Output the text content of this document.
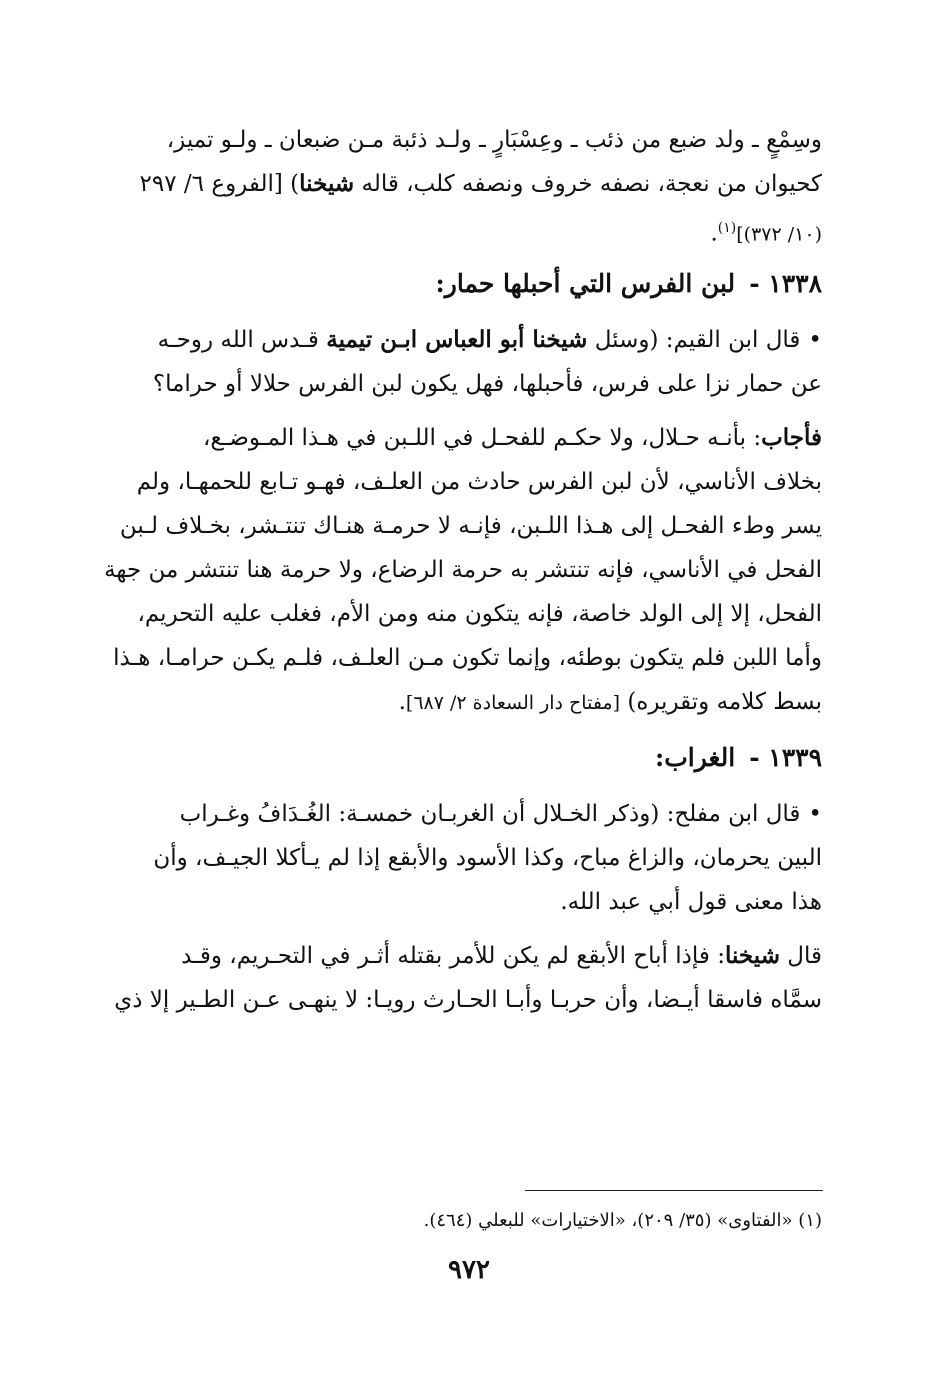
وسِمْعٍ ـ ولد ضبع من ذئب ـ وعِسْبَارٍ ـ ولـد ذئبة مـن ضبعان ـ ولـو تميز،
كحيوان من نعجة، نصفه خروف ونصفه كلب، قاله شيخنا) [الفروع ٦/ ٢٩٧
(١٠/ ٣٧٢)]$^{(١)}$.
١٣٣٨ -لبن الفرس التي أحبلها حمار:
•قال ابن القيم: (وسئل شيخنا أبو العباس ابـن تيمية قـدس الله روحـه
عن حمار نزا على فرس، فأحبلها، فهل يكون لبن الفرس حلالا أو حراما؟
فأجاب: بأنـه حـلال، ولا حكـم للفحـل في اللـبن في هـذا المـوضـع،
بخلاف الأناسي، لأن لبن الفرس حادث من العلـف، فهـو تـابع للحمهـا، ولم
يسر وطء الفحـل إلى هـذا اللـبن، فإنـه لا حرمـة هنـاك تنتـشر، بخـلاف لـبن
الفحل في الأناسي، فإنه تنتشر به حرمة الرضاع، ولا حرمة هنا تنتشر من جهة
الفحل، إلا إلى الولد خاصة، فإنه يتكون منه ومن الأم، فغلب عليه التحريم،
وأما اللبن فلم يتكون بوطئه، وإنما تكون مـن العلـف، فلـم يكـن حرامـا، هـذا
بسط كلامه وتقريره) [مفتاح دار السعادة ٢/ ٦٨٧].
١٣٣٩ -الغراب:
•قال ابن مفلح: (وذكر الخـلال أن الغربـان خمسـة: الغُـدَافُ وغـراب
البين يحرمان، والزاغ مباح، وكذا الأسود والأبقع إذا لم يـأكلا الجيـف، وأن
هذا معنى قول أبي عبد الله.
قال شيخنا: فإذا أباح الأبقع لم يكن للأمر بقتله أثـر في التحـريم، وقـد
سمَّاه فاسقا أيـضا، وأن حربـا وأبـا الحـارث رويـا: لا ينهـى عـن الطـير إلا ذي
(١) «الفتاوى» (٣٥/ ٢٠٩)، «الاختيارات» للبعلي (٤٦٤).
٩٧٢
